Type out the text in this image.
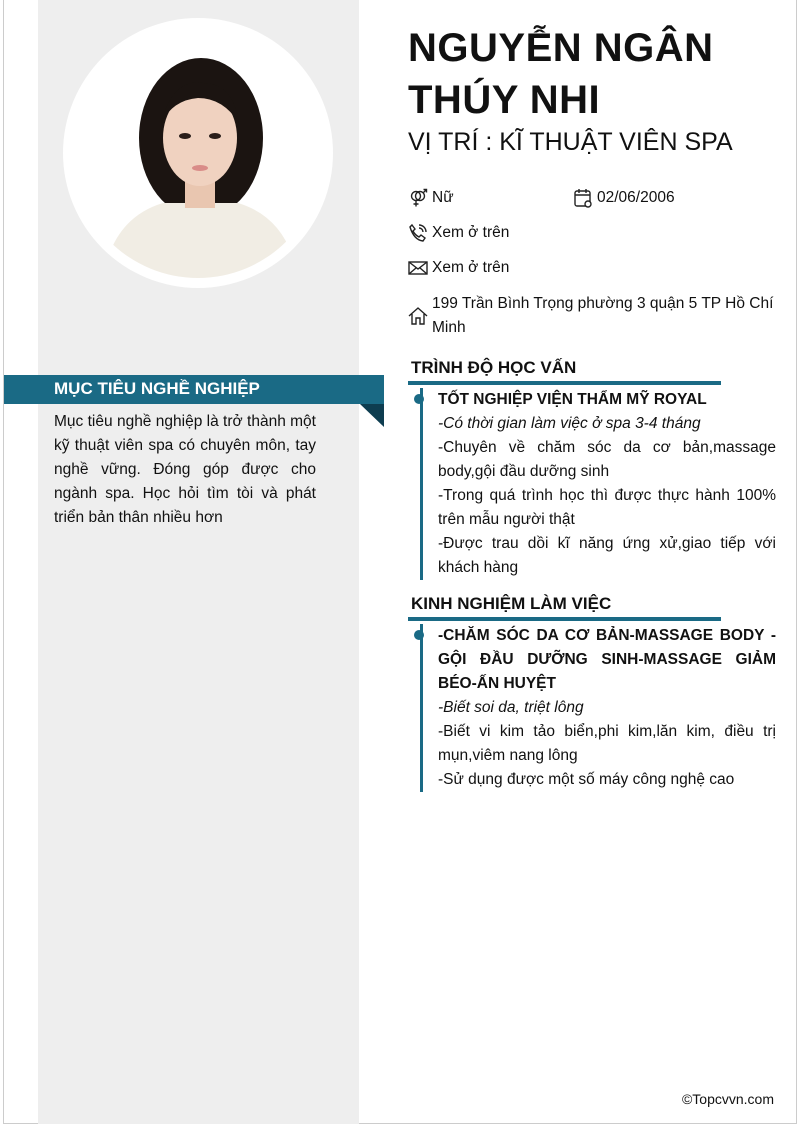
MỤC TIÊU NGHỀ NGHIỆP
Mục tiêu nghề nghiệp là trở thành một kỹ thuật viên spa có chuyên môn, tay nghề vững. Đóng góp được cho ngành spa. Học hỏi tìm tòi và phát triển bản thân nhiều hơn
NGUYỄN NGÂN
THÚY NHI
VỊ TRÍ : KĨ THUẬT VIÊN SPA
Nữ	02/06/2006
Xem ở trên
Xem ở trên
199 Trần Bình Trọng phường 3 quận 5 TP Hồ Chí Minh
TRÌNH ĐỘ HỌC VẤN
TỐT NGHIỆP VIỆN THẨM MỸ ROYAL
-Có thời gian làm việc ở spa 3-4 tháng
-Chuyên về chăm sóc da cơ bản,massage body,gội đầu dưỡng sinh
-Trong quá trình học thì được thực hành 100% trên mẫu người thật
-Được trau dồi kĩ năng ứng xử,giao tiếp với khách hàng
KINH NGHIỆM LÀM VIỆC
-CHĂM SÓC DA CƠ BẢN-MASSAGE BODY -GỘI ĐẦU DƯỠNG SINH-MASSAGE GIẢM BÉO-ẤN HUYỆT
-Biết soi da, triệt lông
-Biết vi kim tảo biển,phi kim,lăn kim, điều trị mụn,viêm nang lông
-Sử dụng được một số máy công nghệ cao
©Topcvvn.com
